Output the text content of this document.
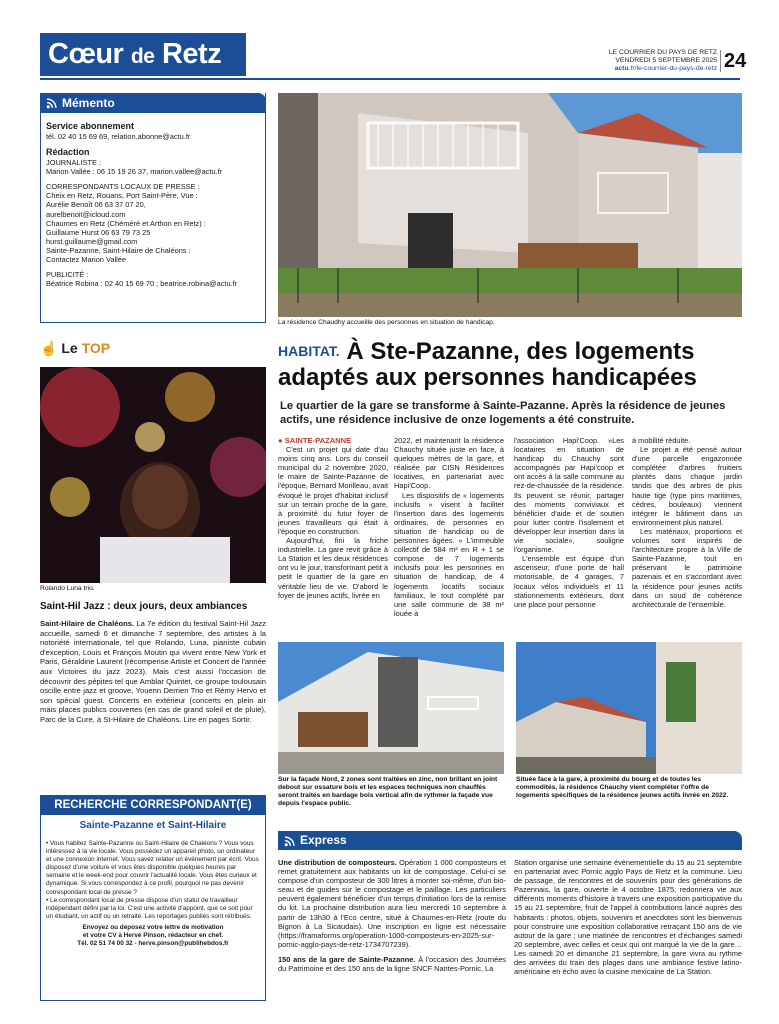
Cœur de Retz	LE COURRIER DU PAYS DE RETZ
VENDREDI 5 SEPTEMBRE 2025
actu.fr/le-courrier-du-pays-de-retz 24
Mémento
Service abonnement
tél. 02 40 15 69 69, relation.abonne@actu.fr
Rédaction
JOURNALISTE :
Marion Vallée : 06 15 19 26 37, marion.vallee@actu.fr
CORRESPONDANTS LOCAUX DE PRESSE :
Cheix en Retz, Rouans, Port Saint-Père, Vue :
Aurélie Benoît 06 63 37 07 20,
aurelbenoit@icloud.com
Chaumes en Retz (Chéméré et Arthon en Retz) :
Guillaume Hurst 06 63 79 73 25
hurst.guillaume@gmail.com
Sainte-Pazanne, Saint-Hilaire de Chaléons :
Contactez Marion Vallée
PUBLICITÉ :
Béatrice Robina : 02 40 15 69 70 ; beatrice.robina@actu.fr
La résidence Chaudhy accueille des personnes en situation de handicap.
HABITAT. À Ste-Pazanne, des logements
adaptés aux personnes handicapées
Le quartier de la gare se transforme à Sainte-Pazanne. Après la résidence de jeunes actifs, une résidence inclusive de onze logements a été construite.
● SAINTE-PAZANNE

C'est un projet qui date d'au moins cinq ans. Lors du conseil municipal du 2 novembre 2020, le maire de Sainte-Pazanne de l'époque, Bernard Morilleau, avait évoqué le projet d'habitat inclusif sur un terrain proche de la gare, à proximité du futur foyer de jeunes travailleurs qui était à l'époque en construction.

Aujourd'hui, fini la friche industrielle. La gare revit grâce à La Station et les deux résidences ont vu le jour, transformant petit à petit le quartier de la gare en véritable lieu de vie. D'abord le foyer de jeunes actifs, livrée en

2022, et maintenant la résidence Chauchy située juste en face, à quelques mètres de la gare, et réalisée par CISN Résidences locatives, en partenariat avec Hapi'Coop.

Les dispositifs de « logements inclusifs » visent à faciliter l'insertion dans des logements ordinaires, de personnes en situation de handicap ou de personnes âgées. « L'immeuble collectif de 584 m² en R + 1 se compose de 7 logements inclusifs pour les personnes en situation de handicap, de 4 logements locatifs sociaux familiaux, le tout complété par une salle commune de 38 m² louée à

l'association Hapi'Coop. »Les locataires en situation de handicap du Chauchy sont accompagnés par Hapi'coop et ont accès à la salle commune au rez-de-chaussée de la résidence. Ils peuvent se réunir, partager des moments conviviaux et bénéficier d'aide et de soutien pour lutter contre l'isolement et développer leur insertion dans la vie sociale», souligne l'organisme.

L'ensemble est équipé d'un ascenseur, d'une porte de hall motorisable, de 4 garages, 7 locaux vélos individuels et 11 stationnements extérieurs, dont une place pour personne

à mobilité réduite.

Le projet a été pensé autour d'une parcelle engazonnée complétée d'arbres fruitiers plantés dans chaque jardin tandis que des arbres de plus haute tige (type pins maritimes, cèdres, bouleaux) viennent intégrer le bâtiment dans un environnement plus naturel.

Les matériaux, proportions et volumes sont inspirés de l'architecture propre à la Ville de Sainte-Pazanne, tout en préservant le patrimoine pazenais et en s'accordant avec la résidence pour jeunes actifs dans un soud de cohérence architecturale de l'ensemble.

☝ Le TOP
Rolando Luna trio.
Saint-Hil Jazz : deux jours, deux ambiances
Saint-Hilaire de Chaléons. La 7e édition du festival Saint-Hil Jazz accueille, samedi 6 et dimanche 7 septembre, des artistes à la notoriété internationale, tel que Rolando, Luna, pianiste cubain d'exception, Louis et François Moutin qui vivent entre New York et Paris, Géraldine Laurent (récompense Artiste et Concert de l'année aux Victoires du jazz 2023). Mais c'est aussi l'occasion de découvrir des pépites tel que Amblar Quintet, ce groupe toulousain oscille entre jazz et groove, Youenn Derrien Trio et Rémy Hervo et son spécial guest. Concerts en extérieur (concerts en plein air mais places publics couvertes (en cas de grand soleil et de pluie), Parc de la Cure, à St-Hilaire de Chaléons. Lire en pages Sortir.
RECHERCHE CORRESPONDANT(E)
Sainte-Pazanne et Saint-Hilaire

• Vous habitez Sainte-Pazanne ou Saint-Hilaire de Chaléons ? Vous vous intéressez à la vie locale. Vous possédez un appareil photo, un ordinateur et une connexion internet. Vous savez relater un événement par écrit. Vous disposez d'une voiture et vous êtes disponible quelques heures par semaine et le week-end pour couvrir l'actualité locale. Vous êtes curieux et dynamique. Si vous correspondez à ce profil, pourquoi ne pas devenir correspondant local de presse ?

• Le correspondant local de presse dispose d'un statut de travailleur indépendant défini par la loi. C'est une activité d'appoint, que ce soit pour un étudiant, un actif ou un retraité. Les reportages publiés sont rétribués.

Envoyez ou déposez votre lettre de motivation

et votre CV à Hervé Pinson, rédacteur en chef.

Tél. 02 51 74 00 32 - herve.pinson@publihebdos.fr

Sur la façade Nord, 2 zones sont traitées en zinc, non brillant en joint debout sur ossature bois et les espaces techniques non chauffés seront traités en bardage bois vertical afin de rythmer la façade vue depuis l'espace public.
Située face à la gare, à proximité du bourg et de toutes les commodités, la résidence Chauchy vient compléter l'offre de logements spécifiques de la résidence jeunes actifs livrée en 2022.
Express

Une distribution de composteurs. Opération 1 000 composteurs et remet gratuitement aux habitants un kit de compostage. Celui-ci se compose d'un composteur de 300 litres à monter soi-même, d'un bio-seau et de guides sur le compostage et le paillage. Les particuliers peuvent également bénéficier d'un temps d'initiation lors de la remise du kit. La prochaine distribution aura lieu mercredi 10 septembre à partir de 13h30 à l'Eco centre, situé à Chaumes-en-Retz (route du Bignon à La Sicaudais). Une inscription en ligne est nécessaire (https://framaforms.org/operation-1000-composteurs-en-2025-sur-pornic-agglo-pays-de-retz-1734707239).

150 ans de la gare de Sainte-Pazanne. À l'occasion des Journées du Patrimoine et des 150 ans de la ligne SNCF Nantes-Pornic, La

Station organise une semaine évènementielle du 15 au 21 septembre en partenariat avec Pornic agglo Pays de Retz et la commune. Lieu de passage, de rencontres et de souvenirs pour des générations de Pazennais, la gare, ouverte le 4 octobre 1875, redonnera vie aux différents moments d'histoire à travers une exposition participative du 15 au 21 septembre, fruit de l'appel à contributions lancé auprès des habitants : photos, objets, souvenirs et anecdotes sont les bienvenus pour construire une exposition collaborative retraçant 150 ans de vie autour de la gare ; une matinée de rencontres et d'échanges samedi 20 septembre, avec celles et ceux qui ont marqué la vie de la gare… Les samedi 20 et dimanche 21 septembre, la gare vivra au rythme des arrivées du train des plages dans une ambiance festive latino-américaine en écho avec la cuisine mexicaine de La Station.
